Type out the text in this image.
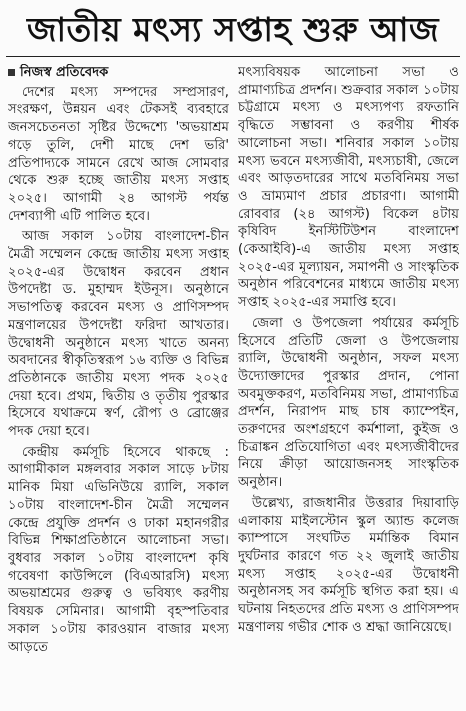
জাতীয় মৎস্য সপ্তাহ শুরু আজ
নিজস্ব প্রতিবেদক

দেশের মৎস্য সম্পদের সম্প্রসারণ, সংরক্ষণ, উন্নয়ন এবং টেকসই ব্যবহারে জনসচেতনতা সৃষ্টির উদ্দেশ্যে 'অভয়াশ্রম গড়ে তুলি, দেশী মাছে দেশ ভরি' প্রতিপাদ্যকে সামনে রেখে আজ সোমবার থেকে শুরু হচ্ছে জাতীয় মৎস্য সপ্তাহ ২০২৫। আগামী ২৪ আগস্ট পর্যন্ত দেশব্যাপী এটি পালিত হবে।

আজ সকাল ১০টায় বাংলাদেশ-চীন মৈত্রী সম্মেলন কেন্দ্রে জাতীয় মৎস্য সপ্তাহ ২০২৫-এর উদ্বোধন করবেন প্রধান উপদেষ্টা ড. মুহাম্মদ ইউনূস। অনুষ্ঠানে সভাপতিত্ব করবেন মৎস্য ও প্রাণিসম্পদ মন্ত্রণালয়ের উপদেষ্টা ফরিদা আখতার। উদ্বোধনী অনুষ্ঠানে মৎস্য খাতে অনন্য অবদানের স্বীকৃতিস্বরূপ ১৬ ব্যক্তি ও বিভিন্ন প্রতিষ্ঠানকে জাতীয় মৎস্য পদক ২০২৫ দেয়া হবে। প্রথম, দ্বিতীয় ও তৃতীয় পুরস্কার হিসেবে যথাক্রমে স্বর্ণ, রৌপ্য ও ব্রোঞ্জের পদক দেয়া হবে।

কেন্দ্রীয় কর্মসূচি হিসেবে থাকছে : আগামীকাল মঙ্গলবার সকাল সাড়ে ৮টায় মানিক মিয়া এভিনিউয়ে র‍্যালি, সকাল ১০টায় বাংলাদেশ-চীন মৈত্রী সম্মেলন কেন্দ্রে প্রযুক্তি প্রদর্শন ও ঢাকা মহানগরীর বিভিন্ন শিক্ষাপ্রতিষ্ঠানে আলোচনা সভা। বুধবার সকাল ১০টায় বাংলাদেশ কৃষি গবেষণা কাউন্সিলে (বিএআরসি) মৎস্য অভয়াশ্রমের গুরুত্ব ও ভবিষ্যৎ করণীয় বিষয়ক সেমিনার। আগামী বৃহস্পতিবার সকাল ১০টায় কারওয়ান বাজার মৎস্য আড়তে

মৎস্যবিষয়ক আলোচনা সভা ও প্রামাণ্যচিত্র প্রদর্শন। শুক্রবার সকাল ১০টায় চট্টগ্রামে মৎস্য ও মৎস্যপণ্য রফতানি বৃদ্ধিতে সম্ভাবনা ও করণীয় শীর্ষক আলোচনা সভা। শনিবার সকাল ১০টায় মৎস্য ভবনে মৎস্যজীবী, মৎস্যচাষী, জেলে এবং আড়তদারের সাথে মতবিনিময় সভা ও ভ্রাম্যমাণ প্রচার প্রচারণা। আগামী রোববার (২৪ আগস্ট) বিকেল ৪টায় কৃষিবিদ ইনস্টিটিউশন বাংলাদেশ (কেআইবি)-এ জাতীয় মৎস্য সপ্তাহ ২০২৫-এর মূল্যায়ন, সমাপনী ও সাংস্কৃতিক অনুষ্ঠান পরিবেশনের মাধ্যমে জাতীয় মৎস্য সপ্তাহ ২০২৫-এর সমাপ্তি হবে।

জেলা ও উপজেলা পর্যায়ের কর্মসূচি হিসেবে প্রতিটি জেলা ও উপজেলায় র‍্যালি, উদ্বোধনী অনুষ্ঠান, সফল মৎস্য উদ্যোক্তাদের পুরস্কার প্রদান, পোনা অবমুক্তকরণ, মতবিনিময় সভা, প্রামাণ্যচিত্র প্রদর্শন, নিরাপদ মাছ চাষ ক্যাম্পেইন, তরুণদের অংশগ্রহণে কর্মশালা, কুইজ ও চিত্রাঙ্কন প্রতিযোগিতা এবং মৎস্যজীবীদের নিয়ে ক্রীড়া আয়োজনসহ সাংস্কৃতিক অনুষ্ঠান।

উল্লেখ্য, রাজধানীর উত্তরার দিয়াবাড়ি এলাকায় মাইলস্টোন স্কুল অ্যান্ড কলেজ ক্যাম্পাসে সংঘটিত মর্মান্তিক বিমান দুর্ঘটনার কারণে গত ২২ জুলাই জাতীয় মৎস্য সপ্তাহ ২০২৫-এর উদ্বোধনী অনুষ্ঠানসহ সব কর্মসূচি স্থগিত করা হয়। এ ঘটনায় নিহতদের প্রতি মৎস্য ও প্রাণিসম্পদ মন্ত্রণালয় গভীর শোক ও শ্রদ্ধা জানিয়েছে।
